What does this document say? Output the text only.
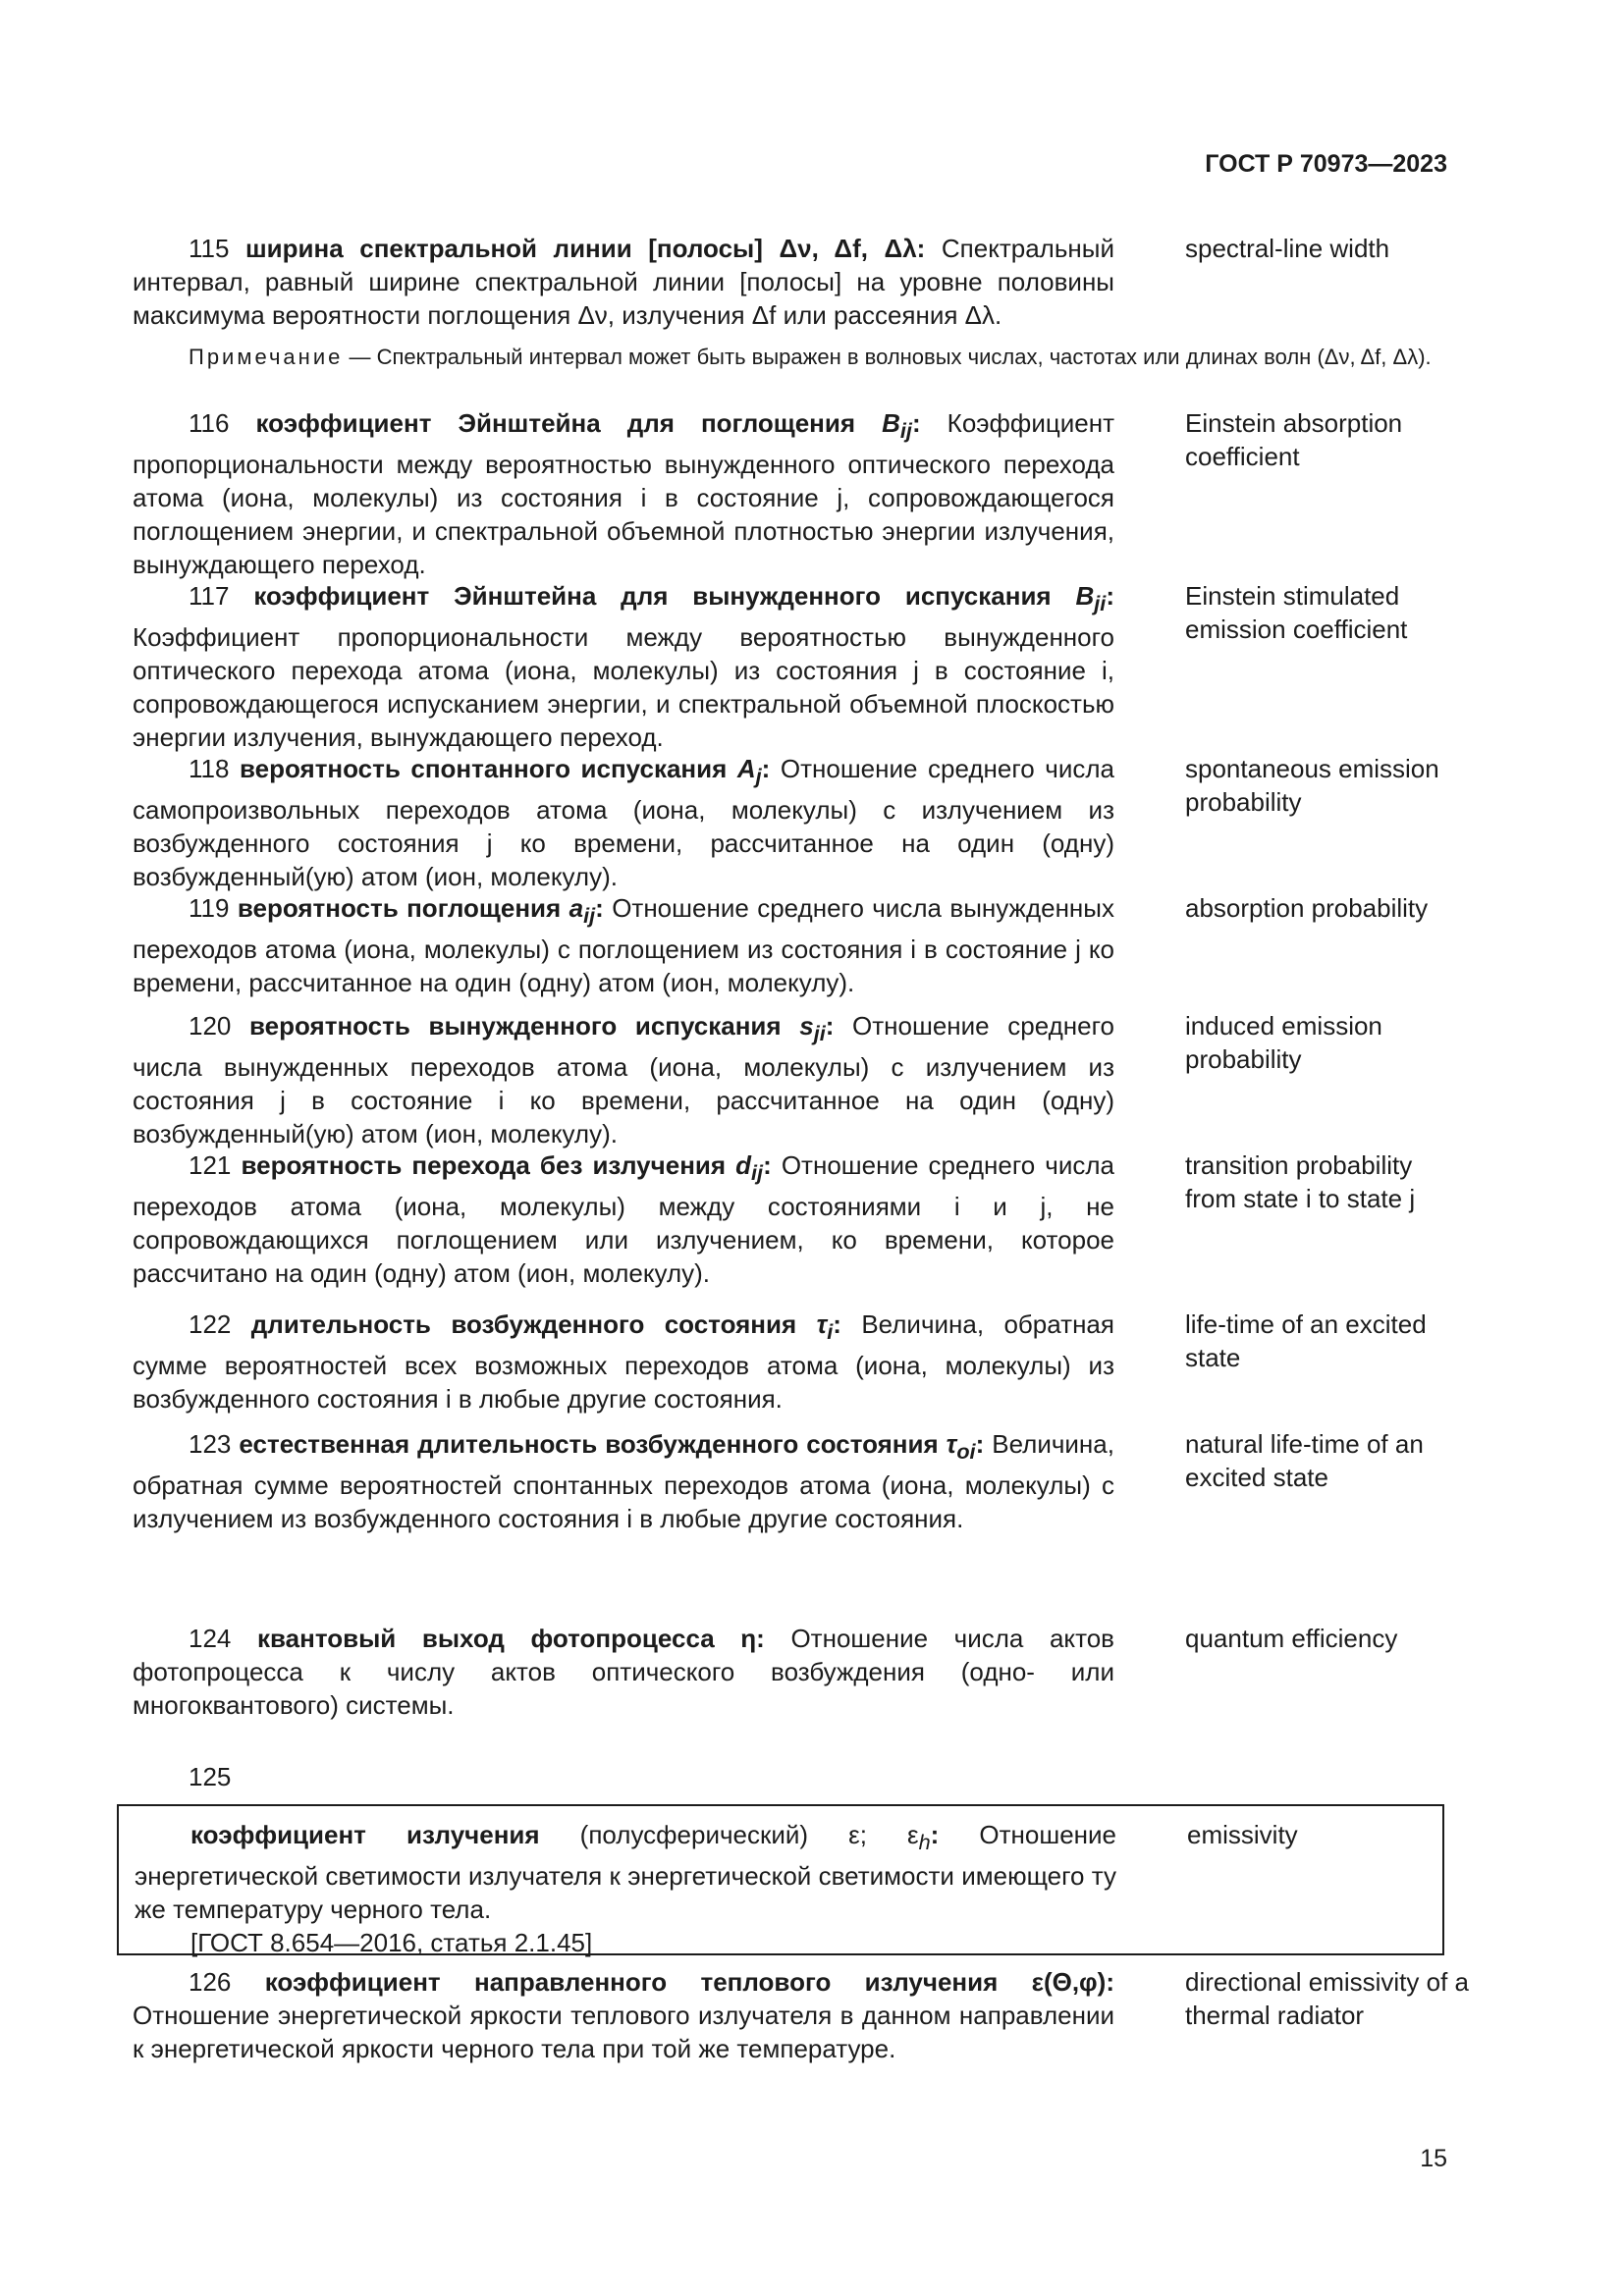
ГОСТ Р 70973—2023
115 ширина спектральной линии [полосы] Δν, Δf, Δλ: Спектральный интервал, равный ширине спектральной линии [полосы] на уровне половины максимума вероятности поглощения Δν, излучения Δf или рассеяния Δλ.
spectral-line width
Примечание — Спектральный интервал может быть выражен в волновых числах, частотах или длинах волн (Δν, Δf, Δλ).
116 коэффициент Эйнштейна для поглощения $B_{ij}$: Коэффициент пропорциональности между вероятностью вынужденного оптического перехода атома (иона, молекулы) из состояния i в состояние j, сопровождающегося поглощением энергии, и спектральной объемной плотностью энергии излучения, вынуждающего переход.
Einstein absorption coefficient
117 коэффициент Эйнштейна для вынужденного испускания $B_{ji}$: Коэффициент пропорциональности между вероятностью вынужденного оптического перехода атома (иона, молекулы) из состояния j в состояние i, сопровождающегося испусканием энергии, и спектральной объемной плоскостью энергии излучения, вынуждающего переход.
Einstein stimulated emission coefficient
118 вероятность спонтанного испускания $A_j$: Отношение среднего числа самопроизвольных переходов атома (иона, молекулы) с излучением из возбужденного состояния j ко времени, рассчитанное на один (одну) возбужденный(ую) атом (ион, молекулу).
spontaneous emission probability
119 вероятность поглощения $a_{ij}$: Отношение среднего числа вынужденных переходов атома (иона, молекулы) с поглощением из состояния i в состояние j ко времени, рассчитанное на один (одну) атом (ион, молекулу).
absorption probability
120 вероятность вынужденного испускания $s_{ji}$: Отношение среднего числа вынужденных переходов атома (иона, молекулы) с излучением из состояния j в состояние i ко времени, рассчитанное на один (одну) возбужденный(ую) атом (ион, молекулу).
induced emission probability
121 вероятность перехода без излучения $d_{ij}$: Отношение среднего числа переходов атома (иона, молекулы) между состояниями i и j, не сопровождающихся поглощением или излучением, ко времени, которое рассчитано на один (одну) атом (ион, молекулу).
transition probability from state i to state j
122 длительность возбужденного состояния $\tau_i$: Величина, обратная сумме вероятностей всех возможных переходов атома (иона, молекулы) из возбужденного состояния i в любые другие состояния.
life-time of an excited state
123 естественная длительность возбужденного состояния $\tau_{oi}$: Величина, обратная сумме вероятностей спонтанных переходов атома (иона, молекулы) с излучением из возбужденного состояния i в любые другие состояния.
natural life-time of an excited state
124 квантовый выход фотопроцесса η: Отношение числа актов фотопроцесса к числу актов оптического возбуждения (одно- или многоквантового) системы.
quantum efficiency
125
коэффициент излучения (полусферический) ε; $\varepsilon_h$: Отношение энергетической светимости излучателя к энергетической светимости имеющего ту же температуру черного тела.
[ГОСТ 8.654—2016, статья 2.1.45]
emissivity
126 коэффициент направленного теплового излучения ε(Θ,φ): Отношение энергетической яркости теплового излучателя в данном направлении к энергетической яркости черного тела при той же температуре.
directional emissivity of a thermal radiator
15
